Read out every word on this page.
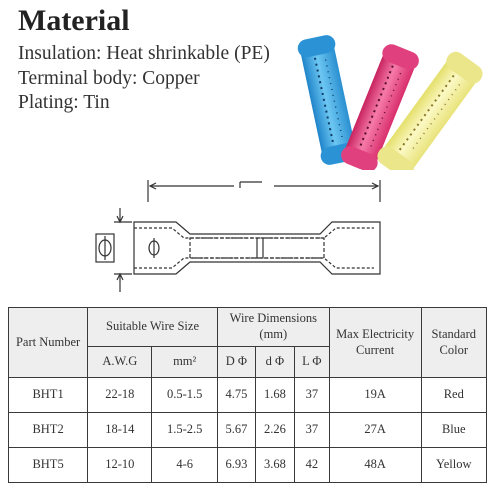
Material
Insulation: Heat shrinkable (PE)
Terminal body: Copper
Plating: Tin
Part Number	Suitable Wire Size		Wire Dimensions (mm)			Max Electricity Current	Standard Color
	A.W.G	mm²	D Φ	d Φ	L Φ		
BHT1	22-18	0.5-1.5	4.75	1.68	37	19A	Red
BHT2	18-14	1.5-2.5	5.67	2.26	37	27A	Blue
BHT5	12-10	4-6	6.93	3.68	42	48A	Yellow
